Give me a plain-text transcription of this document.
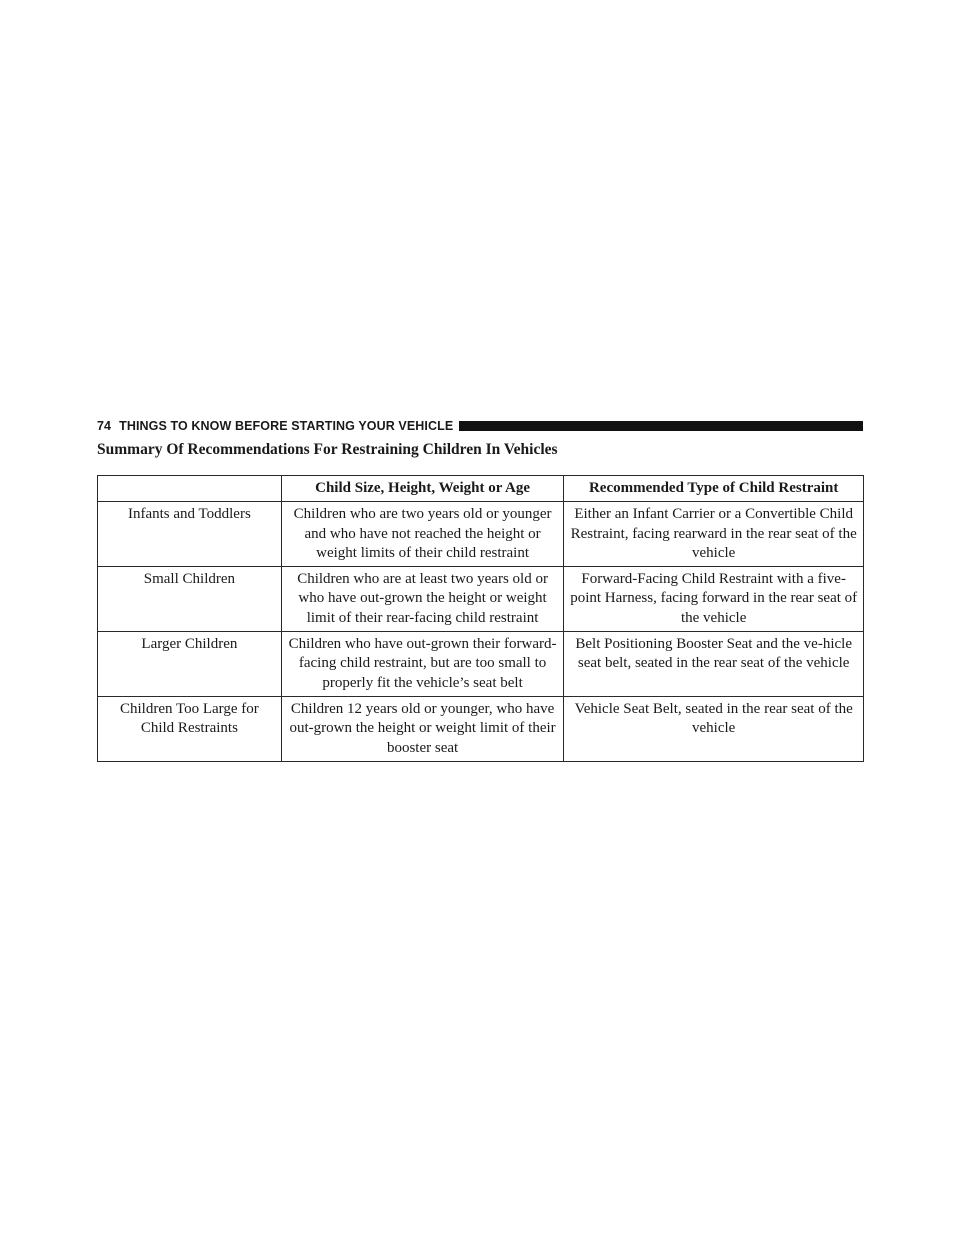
74 THINGS TO KNOW BEFORE STARTING YOUR VEHICLE
Summary Of Recommendations For Restraining Children In Vehicles
	Child Size, Height, Weight or Age	Recommended Type of Child Restraint
Infants and Toddlers	Children who are two years old or younger and who have not reached the height or weight limits of their child restraint	Either an Infant Carrier or a Convertible Child Restraint, facing rearward in the rear seat of the vehicle
Small Children	Children who are at least two years old or who have out-grown the height or weight limit of their rear-facing child restraint	Forward-Facing Child Restraint with a five-point Harness, facing forward in the rear seat of the vehicle
Larger Children	Children who have out-grown their forward-facing child restraint, but are too small to properly fit the vehicle’s seat belt	Belt Positioning Booster Seat and the ve-hicle seat belt, seated in the rear seat of the vehicle
Children Too Large for Child Restraints	Children 12 years old or younger, who have out-grown the height or weight limit of their booster seat	Vehicle Seat Belt, seated in the rear seat of the vehicle
